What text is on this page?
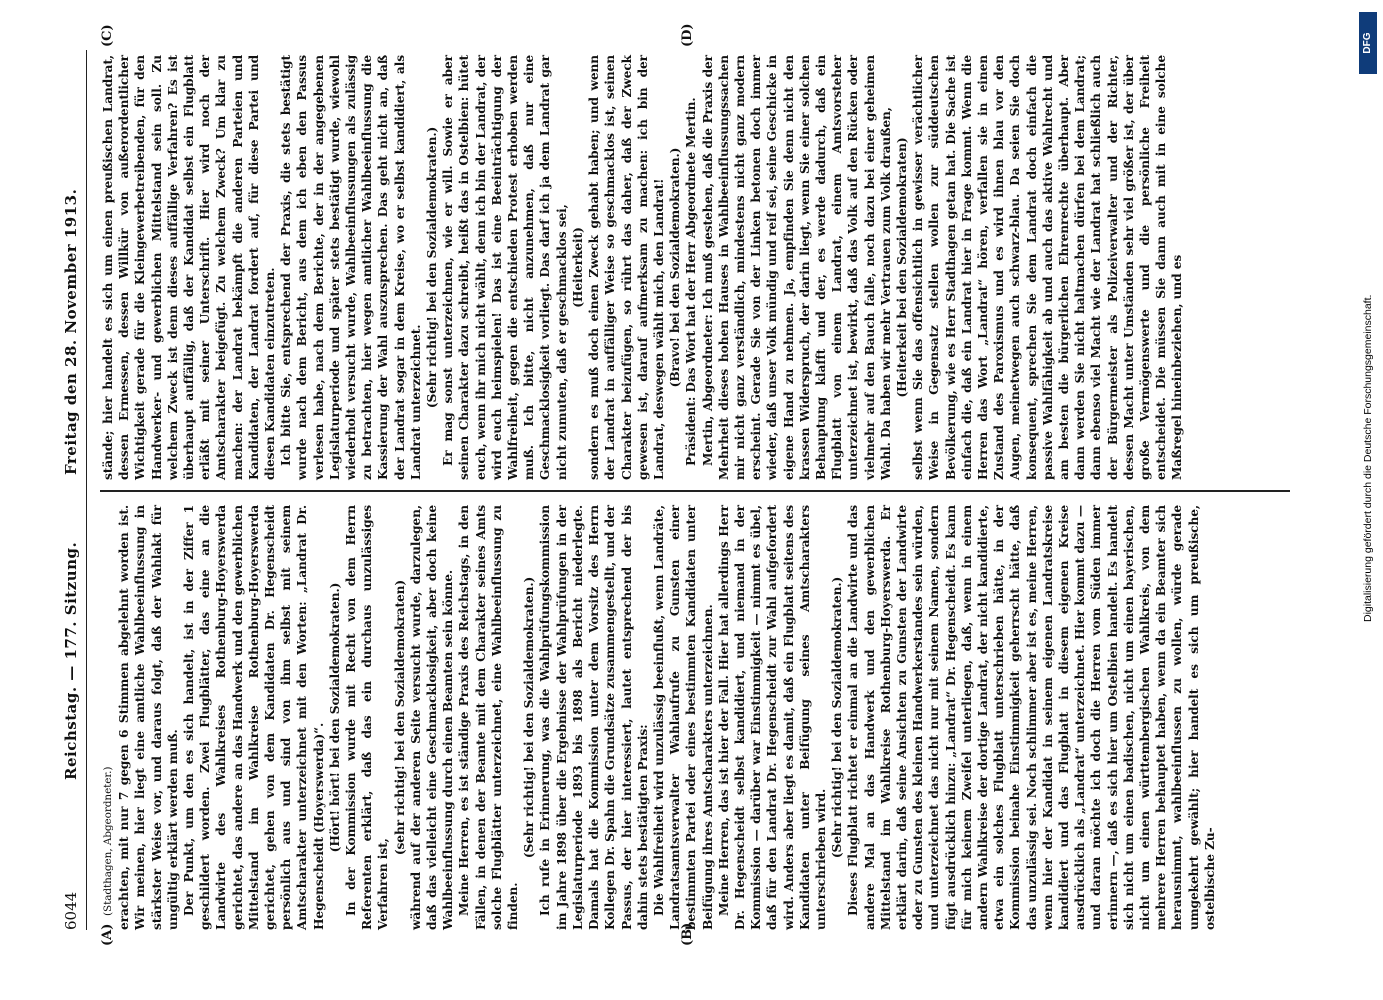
6044
Reichstag. — 177. Sitzung.
Freitag den 28. November 1913.
(A)	(B)
(C)	(D)

(Stadthagen, Abgeordneter.) erachten, mit nur 7 gegen 6 Stimmen abgelehnt worden ist. Wir meinen, hier liegt eine amtliche Wahlbeeinflussung in stärkster Weise vor, und daraus folgt, daß der Wahlakt für ungültig erklärt werden muß. Der Punkt, um den es sich handelt, ist in der Ziffer 1 geschildert worden. Zwei Flugblätter, das eine an die Landwirte des Wahlkreises Rothenburg-Hoyerswerda gerichtet, das andere an das Handwerk und den gewerblichen Mittelstand im Wahlkreise Rothenburg-Hoyerswerda gerichtet, gehen von dem Kandidaten Dr. Hegenscheidt persönlich aus und sind von ihm selbst mit seinem Amtscharakter unterzeichnet mit den Worten: „Landrat Dr. Hegenscheidt (Hoyerswerda)“. (Hört! hört! bei den Sozialdemokraten.) In der Kommission wurde mit Recht von dem Herrn Referenten erklärt, daß das ein durchaus unzulässiges Verfahren ist,

(sehr richtig! bei den Sozialdemokraten) während auf der anderen Seite versucht wurde, darzulegen, daß das vielleicht eine Geschmacklosigkeit, aber doch keine Wahlbeeinflussung durch einen Beamten sein könne. Meine Herren, es ist ständige Praxis des Reichstags, in den Fällen, in denen der Beamte mit dem Charakter seines Amts solche Flugblätter unterzeichnet, eine Wahlbeeinflussung zu finden.

(Sehr richtig! bei den Sozialdemokraten.) Ich rufe in Erinnerung, was die Wahlprüfungskommission im Jahre 1898 über die Ergebnisse der Wahlprüfungen in der Legislaturperiode 1893 bis 1898 als Bericht niederlegte. Damals hat die Kommission unter dem Vorsitz des Herrn Kollegen Dr. Spahn die Grundsätze zusammengestellt, und der Passus, der hier interessiert, lautet entsprechend der bis dahin stets bestätigten Praxis: Die Wahlfreiheit wird unzulässig beeinflußt, wenn Landräte, Landratsamtsverwalter Wahlaufrufe zu Gunsten einer bestimmten Partei oder eines bestimmten Kandidaten unter Beifügung ihres Amtscharakters unterzeichnen. Meine Herren, das ist hier der Fall. Hier hat allerdings Herr Dr. Hegenscheidt selbst kandidiert, und niemand in der Kommission — darüber war Einstimmigkeit — nimmt es übel, daß für den Landrat Dr. Hegenscheidt zur Wahl aufgefordert wird. Anders aber liegt es damit, daß ein Flugblatt seitens des Kandidaten unter Beifügung seines Amtscharakters unterschrieben wird.

(Sehr richtig! bei den Sozialdemokraten.) Dieses Flugblatt richtet er einmal an die Landwirte und das andere Mal an das Handwerk und den gewerblichen Mittelstand im Wahlkreise Rothenburg-Hoyerswerda. Er erklärt darin, daß seine Ansichten zu Gunsten der Landwirte oder zu Gunsten des kleinen Handwerkerstandes sein würden, und unterzeichnet das nicht nur mit seinem Namen, sondern fügt ausdrücklich hinzu: „Landrat“ Dr. Hegenscheidt. Es kann für mich keinem Zweifel unterliegen, daß, wenn in einem andern Wahlkreise der dortige Landrat, der nicht kandidierte, etwa ein solches Flugblatt unterschrieben hätte, in der Kommission beinahe Einstimmigkeit geherrscht hätte, daß das unzulässig sei. Noch schlimmer aber ist es, meine Herren, wenn hier der Kandidat in seinem eigenen Landratskreise kandidiert und das Flugblatt in diesem eigenen Kreise ausdrücklich als „Landrat“ unterzeichnet. Hier kommt dazu — und daran möchte ich doch die Herren vom Süden immer erinnern —, daß es sich hier um Ostelbien handelt. Es handelt sich nicht um einen badischen, nicht um einen bayerischen, nicht um einen württembergischen Wahlkreis, von dem mehrere Herren behauptet haben, wenn da ein Beamter sich herausnimmt, wahlbeeinflussen zu wollen, würde gerade umgekehrt gewählt; hier handelt es sich um preußische, ostelbische Zu-

stände; hier handelt es sich um einen preußischen Landrat, dessen Ermessen, dessen Willkür von außerordentlicher Wichtigkeit gerade für die Kleingewerbetreibenden, für den Handwerker- und gewerblichen Mittelstand sein soll. Zu welchem Zweck ist denn dieses auffällige Verfahren? Es ist überhaupt auffällig, daß der Kandidat selbst ein Flugblatt erläßt mit seiner Unterschrift. Hier wird noch der Amtscharakter beigefügt. Zu welchem Zweck? Um klar zu machen: der Landrat bekämpft die anderen Parteien und Kandidaten, der Landrat fordert auf, für diese Partei und diesen Kandidaten einzutreten. Ich bitte Sie, entsprechend der Praxis, die stets bestätigt wurde nach dem Bericht, aus dem ich eben den Passus verlesen habe, nach dem Berichte, der in der angegebenen Legislaturperiode und später stets bestätigt wurde, wiewohl wiederholt versucht wurde, Wahlbeeinflussungen als zulässig zu betrachten, hier wegen amtlicher Wahlbeeinflussung die Kassierung der Wahl auszusprechen. Das geht nicht an, daß der Landrat sogar in dem Kreise, wo er selbst kandidiert, als Landrat unterzeichnet. (Sehr richtig! bei den Sozialdemokraten.) Er mag sonst unterzeichnen, wie er will. Sowie er aber seinen Charakter dazu schreibt, heißt das in Ostelbien: hütet euch, wenn ihr mich nicht wählt, denn ich bin der Landrat, der wird euch heimspielen! Das ist eine Beeinträchtigung der Wahlfreiheit, gegen die entschieden Protest erhoben werden muß. Ich bitte, nicht anzunehmen, daß nur eine Geschmacklosigkeit vorliegt. Das darf ich ja dem Landrat gar nicht zumuten, daß er geschmacklos sei, (Heiterkeit) sondern es muß doch einen Zweck gehabt haben; und wenn der Landrat in auffälliger Weise so geschmacklos ist, seinen Charakter beizufügen, so rührt das daher, daß der Zweck gewesen ist, darauf aufmerksam zu machen: ich bin der Landrat, deswegen wählt mich, den Landrat! (Bravo! bei den Sozialdemokraten.) Präsident: Das Wort hat der Herr Abgeordnete Mertin. Mertin, Abgeordneter: Ich muß gestehen, daß die Praxis der Mehrheit dieses hohen Hauses in Wahlbeeinflussungssachen mir nicht ganz verständlich, mindestens nicht ganz modern erscheint. Gerade Sie von der Linken betonen doch immer wieder, daß unser Volk mündig und reif sei, seine Geschicke in eigene Hand zu nehmen. Ja, empfinden Sie denn nicht den krassen Widerspruch, der darin liegt, wenn Sie einer solchen Behauptung klafft und der, es werde dadurch, daß ein Flugblatt von einem Landrat, einem Amtsvorsteher unterzeichnet ist, bewirkt, daß das Volk auf den Rücken oder vielmehr auf den Bauch falle, noch dazu bei einer geheimen Wahl. Da haben wir mehr Vertrauen zum Volk draußen, (Heiterkeit bei den Sozialdemokraten) selbst wenn Sie das offensichtlich in gewisser verächtlicher Weise in Gegensatz stellen wollen zur süddeutschen Bevölkerung, wie es Herr Stadthagen getan hat. Die Sache ist einfach die, daß ein Landrat hier in Frage kommt. Wenn die Herren das Wort „Landrat“ hören, verfallen sie in einen Zustand des Paroxismus und es wird ihnen blau vor den Augen, meinetwegen auch schwarz-blau. Da seien Sie doch konsequent, sprechen Sie dem Landrat doch einfach die passive Wahlfähigkeit ab und auch das aktive Wahlrecht und am besten die bürgerlichen Ehrenrechte überhaupt. Aber dann werden Sie nicht haltmachen dürfen bei dem Landrat; dann ebenso viel Macht wie der Landrat hat schließlich auch der Bürgermeister als Polizeiverwalter und der Richter, dessen Macht unter Umständen sehr viel größer ist, der über große Vermögenswerte und die persönliche Freiheit entscheidet. Die müssen Sie dann auch mit in eine solche Maßregel hineinbeziehen, und es	Digitalisierung gefördert durch die Deutsche Forschungsgemeinschaft.
DFG
